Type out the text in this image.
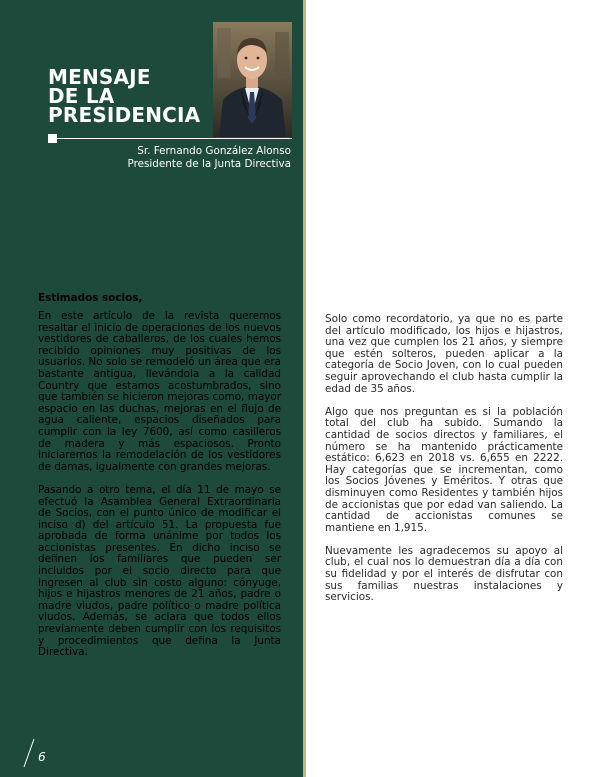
MENSAJE
DE LA
PRESIDENCIA
Sr. Fernando González Alonso
Presidente de la Junta Directiva
Estimados socios,

En este artículo de la revista queremos resaltar el inicio de operaciones de los nuevos vestidores de caballeros, de los cuales hemos recibido opiniones muy positivas de los usuarios. No solo se remodeló un área que era bastante antigua, llevándola a la calidad Country que estamos acostumbrados, sino que también se hicieron mejoras como, mayor espacio en las duchas, mejoras en el flujo de agua caliente, espacios diseñados para cumplir con la ley 7600, así como casilleros de madera y más espaciosos. Pronto iniciaremos la remodelación de los vestidores de damas, igualmente con grandes mejoras.

Pasando a otro tema, el día 11 de mayo se efectuó la Asamblea General Extraordinaria de Socios, con el punto único de modificar el inciso d) del artículo 51. La propuesta fue aprobada de forma unánime por todos los accionistas presentes. En dicho inciso se definen los familiares que pueden ser incluidos por el socio directo para que ingresen al club sin costo alguno: cónyuge, hijos e hijastros menores de 21 años, padre o madre viudos, padre político o madre política viudos. Además, se aclara que todos ellos previamente deben cumplir con los requisitos y procedimientos que defina la Junta Directiva.

Solo como recordatorio, ya que no es parte del artículo modificado, los hijos e hijastros, una vez que cumplen los 21 años, y siempre que estén solteros, pueden aplicar a la categoría de Socio Joven, con lo cual pueden seguir aprovechando el club hasta cumplir la edad de 35 años.

Algo que nos preguntan es si la población total del club ha subido. Sumando la cantidad de socios directos y familiares, el número se ha mantenido prácticamente estático: 6,623 en 2018 vs. 6,655 en 2222. Hay categorías que se incrementan, como los Socios Jóvenes y Eméritos. Y otras que disminuyen como Residentes y también hijos de accionistas que por edad van saliendo. La cantidad de accionistas comunes se mantiene en 1,915.

Nuevamente les agradecemos su apoyo al club, el cual nos lo demuestran día a día con su fidelidad y por el interés de disfrutar con sus familias nuestras instalaciones y servicios.

6
